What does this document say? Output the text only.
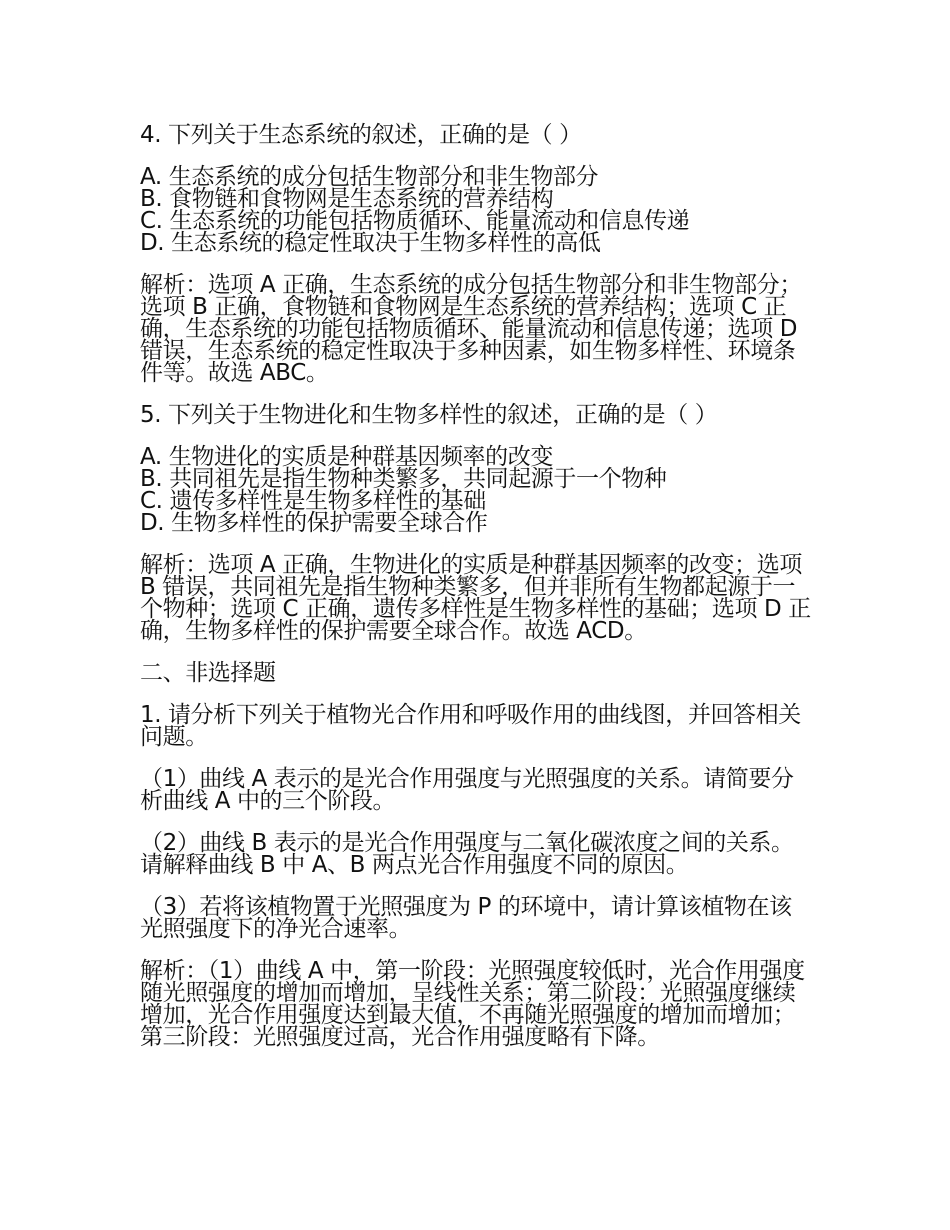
4. 下列关于生态系统的叙述，正确的是（ ）

A. 生态系统的成分包括生物部分和非生物部分

B. 食物链和食物网是生态系统的营养结构

C. 生态系统的功能包括物质循环、能量流动和信息传递

D. 生态系统的稳定性取决于生物多样性的高低

解析：选项 A 正确，生态系统的成分包括生物部分和非生物部分；选项 B 正确，食物链和食物网是生态系统的营养结构；选项 C 正确，生态系统的功能包括物质循环、能量流动和信息传递；选项 D 错误，生态系统的稳定性取决于多种因素，如生物多样性、环境条件等。故选 ABC。

5. 下列关于生物进化和生物多样性的叙述，正确的是（ ）

A. 生物进化的实质是种群基因频率的改变

B. 共同祖先是指生物种类繁多，共同起源于一个物种

C. 遗传多样性是生物多样性的基础

D. 生物多样性的保护需要全球合作

解析：选项 A 正确，生物进化的实质是种群基因频率的改变；选项 B 错误，共同祖先是指生物种类繁多，但并非所有生物都起源于一个物种；选项 C 正确，遗传多样性是生物多样性的基础；选项 D 正确，生物多样性的保护需要全球合作。故选 ACD。

二、非选择题

1. 请分析下列关于植物光合作用和呼吸作用的曲线图，并回答相关问题。

（1）曲线 A 表示的是光合作用强度与光照强度的关系。请简要分析曲线 A 中的三个阶段。

（2）曲线 B 表示的是光合作用强度与二氧化碳浓度之间的关系。请解释曲线 B 中 A、B 两点光合作用强度不同的原因。

（3）若将该植物置于光照强度为 P 的环境中，请计算该植物在该光照强度下的净光合速率。

解析：（1）曲线 A 中，第一阶段：光照强度较低时，光合作用强度随光照强度的增加而增加，呈线性关系；第二阶段：光照强度继续增加，光合作用强度达到最大值，不再随光照强度的增加而增加；第三阶段：光照强度过高，光合作用强度略有下降。
